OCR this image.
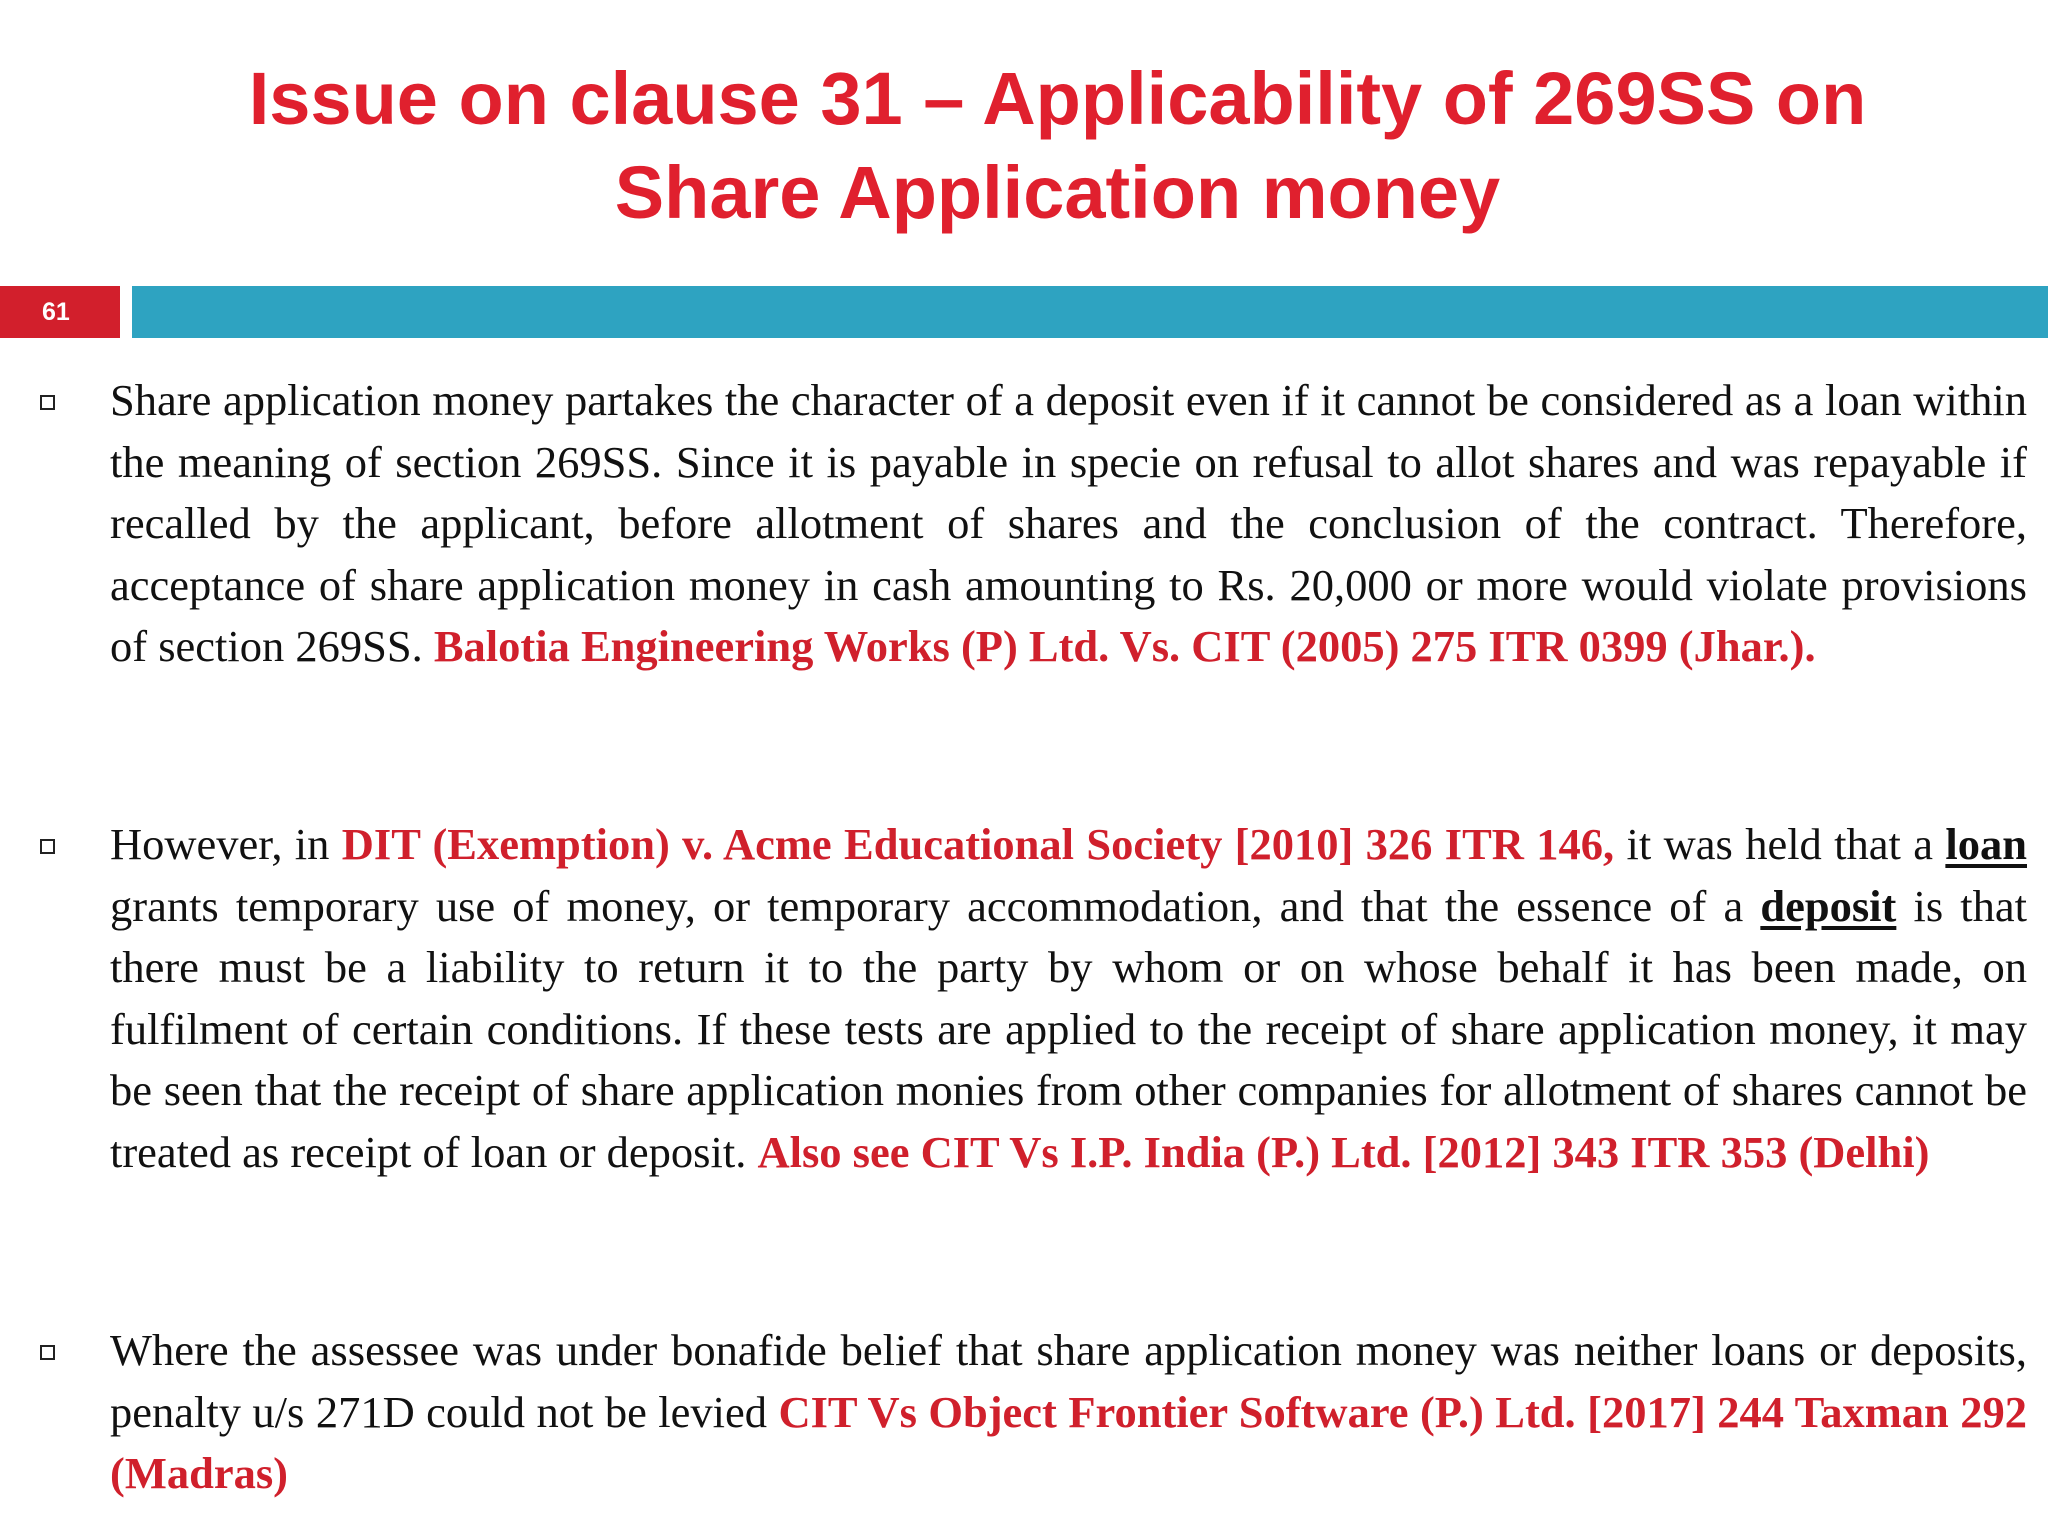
Issue on clause 31 – Applicability of 269SS on
Share Application money
61
Share application money partakes the character of a deposit even if it cannot be considered as a loan within the meaning of section 269SS. Since it is payable in specie on refusal to allot shares and was repayable if recalled by the applicant, before allotment of shares and the conclusion of the contract. Therefore, acceptance of share application money in cash amounting to Rs. 20,000 or more would violate provisions of section 269SS. Balotia Engineering Works (P) Ltd. Vs. CIT (2005) 275 ITR 0399 (Jhar.).
However, in DIT (Exemption) v. Acme Educational Society [2010] 326 ITR 146, it was held that a loan grants temporary use of money, or temporary accommodation, and that the essence of a deposit is that there must be a liability to return it to the party by whom or on whose behalf it has been made, on fulfilment of certain conditions. If these tests are applied to the receipt of share application money, it may be seen that the receipt of share application monies from other companies for allotment of shares cannot be treated as receipt of loan or deposit. Also see CIT Vs I.P. India (P.) Ltd. [2012] 343 ITR 353 (Delhi)
Where the assessee was under bonafide belief that share application money was neither loans or deposits, penalty u/s 271D could not be levied CIT Vs Object Frontier Software (P.) Ltd. [2017] 244 Taxman 292 (Madras)
